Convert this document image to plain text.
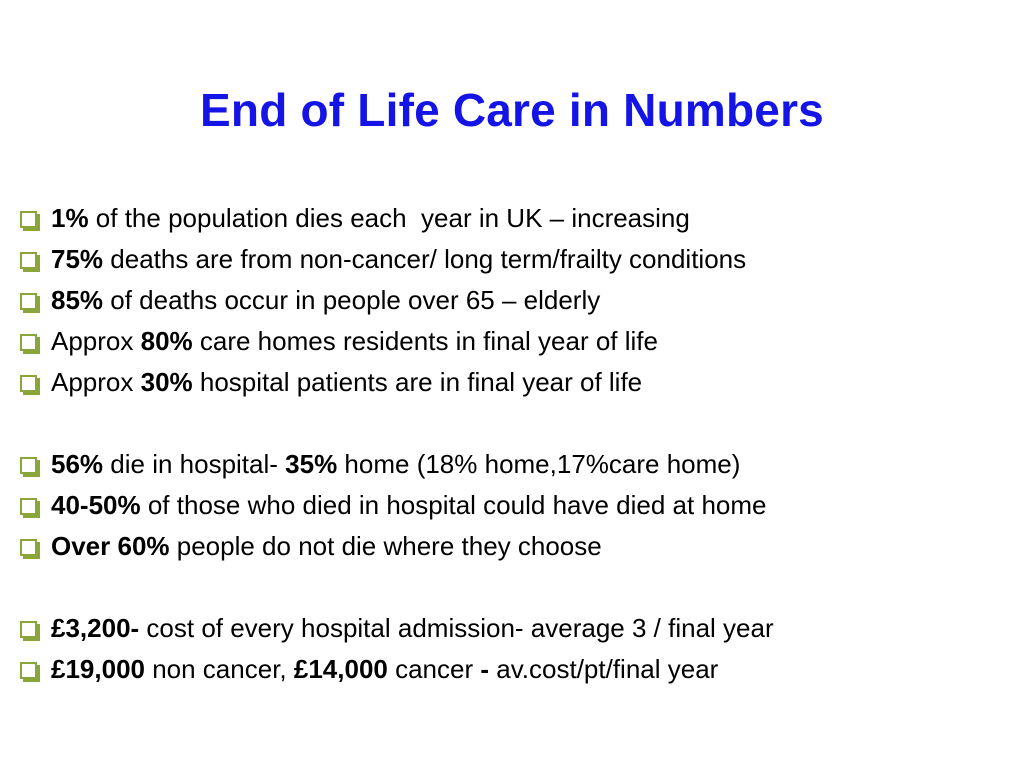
End of Life Care in Numbers
1% of the population dies each  year in UK – increasing
75% deaths are from non-cancer/ long term/frailty conditions
85% of deaths occur in people over 65 – elderly
Approx 80% care homes residents in final year of life
Approx 30% hospital patients are in final year of life
56% die in hospital- 35% home (18% home,17%care home)
40-50% of those who died in hospital could have died at home
Over 60% people do not die where they choose
£3,200- cost of every hospital admission- average 3 / final year
£19,000 non cancer, £14,000 cancer - av.cost/pt/final year
